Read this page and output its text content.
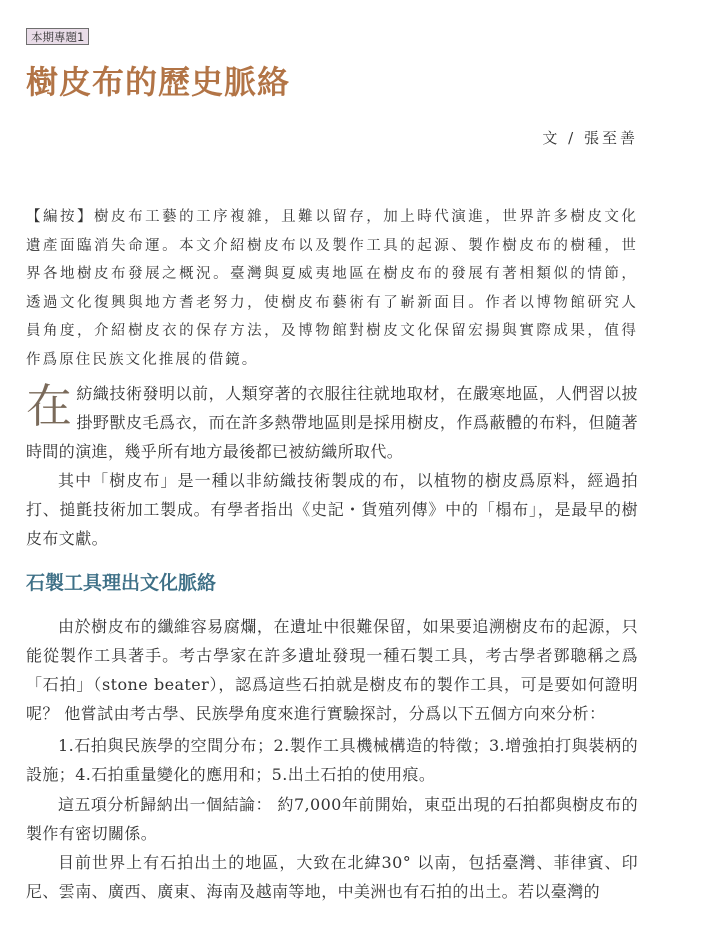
本期專題1
樹皮布的歷史脈絡
文 / 張至善

【編按】樹皮布工藝的工序複雜，且難以留存，加上時代演進，世界許多樹皮文化遺產面臨消失命運。本文介紹樹皮布以及製作工具的起源、製作樹皮布的樹種，世界各地樹皮布發展之概況。臺灣與夏威夷地區在樹皮布的發展有著相類似的情節，透過文化復興與地方耆老努力，使樹皮布藝術有了嶄新面目。作者以博物館研究人員角度，介紹樹皮衣的保存方法，及博物館對樹皮文化保留宏揚與實際成果，值得作爲原住民族文化推展的借鏡。

在紡織技術發明以前，人類穿著的衣服往往就地取材，在嚴寒地區，人們習以披掛野獸皮毛爲衣，而在許多熱帶地區則是採用樹皮，作爲蔽體的布料，但隨著時間的演進，幾乎所有地方最後都已被紡織所取代。

其中「樹皮布」是一種以非紡織技術製成的布，以植物的樹皮爲原料，經過拍打、搥氈技術加工製成。有學者指出《史記・貨殖列傳》中的「榻布」，是最早的樹皮布文獻。

石製工具理出文化脈絡

由於樹皮布的纖維容易腐爛，在遺址中很難保留，如果要追溯樹皮布的起源，只能從製作工具著手。考古學家在許多遺址發現一種石製工具，考古學者鄧聰稱之爲「石拍」（stone beater），認爲這些石拍就是樹皮布的製作工具，可是要如何證明呢？ 他嘗試由考古學、民族學角度來進行實驗探討，分爲以下五個方向來分析：

1.石拍與民族學的空間分布；2.製作工具機械構造的特徵；3.增強拍打與裝柄的設施；4.石拍重量變化的應用和；5.出土石拍的使用痕。

這五項分析歸納出一個結論： 約7,000年前開始，東亞出現的石拍都與樹皮布的製作有密切關係。

目前世界上有石拍出土的地區，大致在北緯30° 以南，包括臺灣、菲律賓、印尼、雲南、廣西、廣東、海南及越南等地，中美洲也有石拍的出土。若以臺灣的
